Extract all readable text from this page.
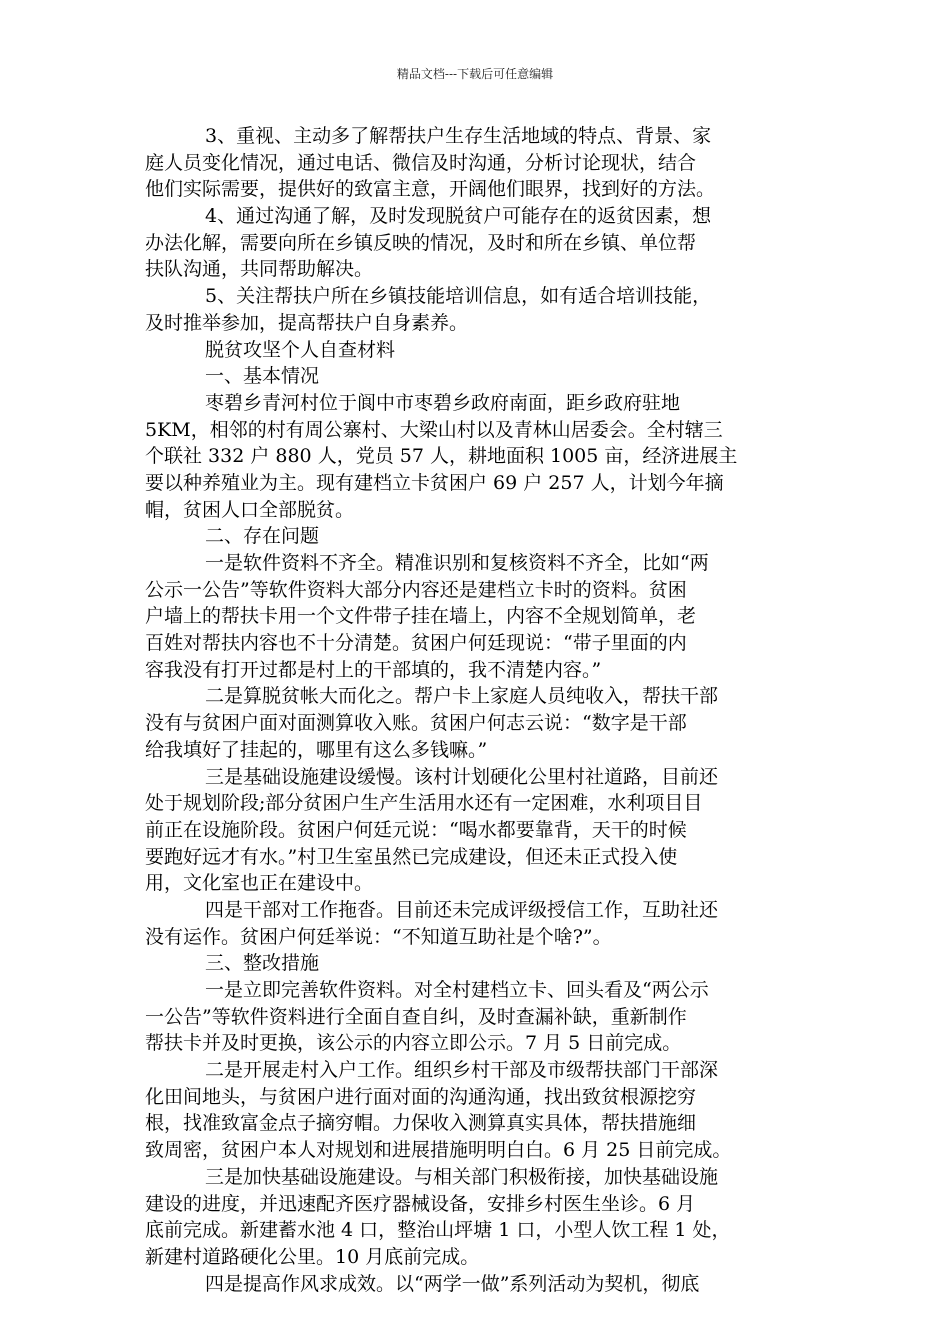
精品文档---下载后可任意编辑
3、重视、主动多了解帮扶户生存生活地域的特点、背景、家
庭人员变化情况，通过电话、微信及时沟通，分析讨论现状，结合
他们实际需要，提供好的致富主意，开阔他们眼界，找到好的方法。
4、通过沟通了解，及时发现脱贫户可能存在的返贫因素，想
办法化解，需要向所在乡镇反映的情况，及时和所在乡镇、单位帮
扶队沟通，共同帮助解决。
5、关注帮扶户所在乡镇技能培训信息，如有适合培训技能，
及时推举参加，提高帮扶户自身素养。
脱贫攻坚个人自查材料
一、基本情况
枣碧乡青河村位于阆中市枣碧乡政府南面，距乡政府驻地
5KM，相邻的村有周公寨村、大梁山村以及青林山居委会。全村辖三
个联社 332 户 880 人，党员 57 人，耕地面积 1005 亩，经济进展主
要以种养殖业为主。现有建档立卡贫困户 69 户 257 人，计划今年摘
帽，贫困人口全部脱贫。
二、存在问题
一是软件资料不齐全。精准识别和复核资料不齐全，比如“两
公示一公告”等软件资料大部分内容还是建档立卡时的资料。贫困
户墙上的帮扶卡用一个文件带子挂在墙上，内容不全规划简单，老
百姓对帮扶内容也不十分清楚。贫困户何廷现说：“带子里面的内
容我没有打开过都是村上的干部填的，我不清楚内容。”
二是算脱贫帐大而化之。帮户卡上家庭人员纯收入，帮扶干部
没有与贫困户面对面测算收入账。贫困户何志云说：“数字是干部
给我填好了挂起的，哪里有这么多钱嘛。”
三是基础设施建设缓慢。该村计划硬化公里村社道路，目前还
处于规划阶段;部分贫困户生产生活用水还有一定困难，水利项目目
前正在设施阶段。贫困户何廷元说：“喝水都要靠背，天干的时候
要跑好远才有水。”村卫生室虽然已完成建设，但还未正式投入使
用，文化室也正在建设中。
四是干部对工作拖沓。目前还未完成评级授信工作，互助社还
没有运作。贫困户何廷举说：“不知道互助社是个啥?”。
三、整改措施
一是立即完善软件资料。对全村建档立卡、回头看及“两公示
一公告”等软件资料进行全面自查自纠，及时查漏补缺，重新制作
帮扶卡并及时更换，该公示的内容立即公示。7 月 5 日前完成。
二是开展走村入户工作。组织乡村干部及市级帮扶部门干部深
化田间地头，与贫困户进行面对面的沟通沟通，找出致贫根源挖穷
根，找准致富金点子摘穷帽。力保收入测算真实具体，帮扶措施细
致周密，贫困户本人对规划和进展措施明明白白。6 月 25 日前完成。
三是加快基础设施建设。与相关部门积极衔接，加快基础设施
建设的进度，并迅速配齐医疗器械设备，安排乡村医生坐诊。6 月
底前完成。新建蓄水池 4 口，整治山坪塘 1 口，小型人饮工程 1 处，
新建村道路硬化公里。10 月底前完成。
四是提高作风求成效。以“两学一做”系列活动为契机，彻底
